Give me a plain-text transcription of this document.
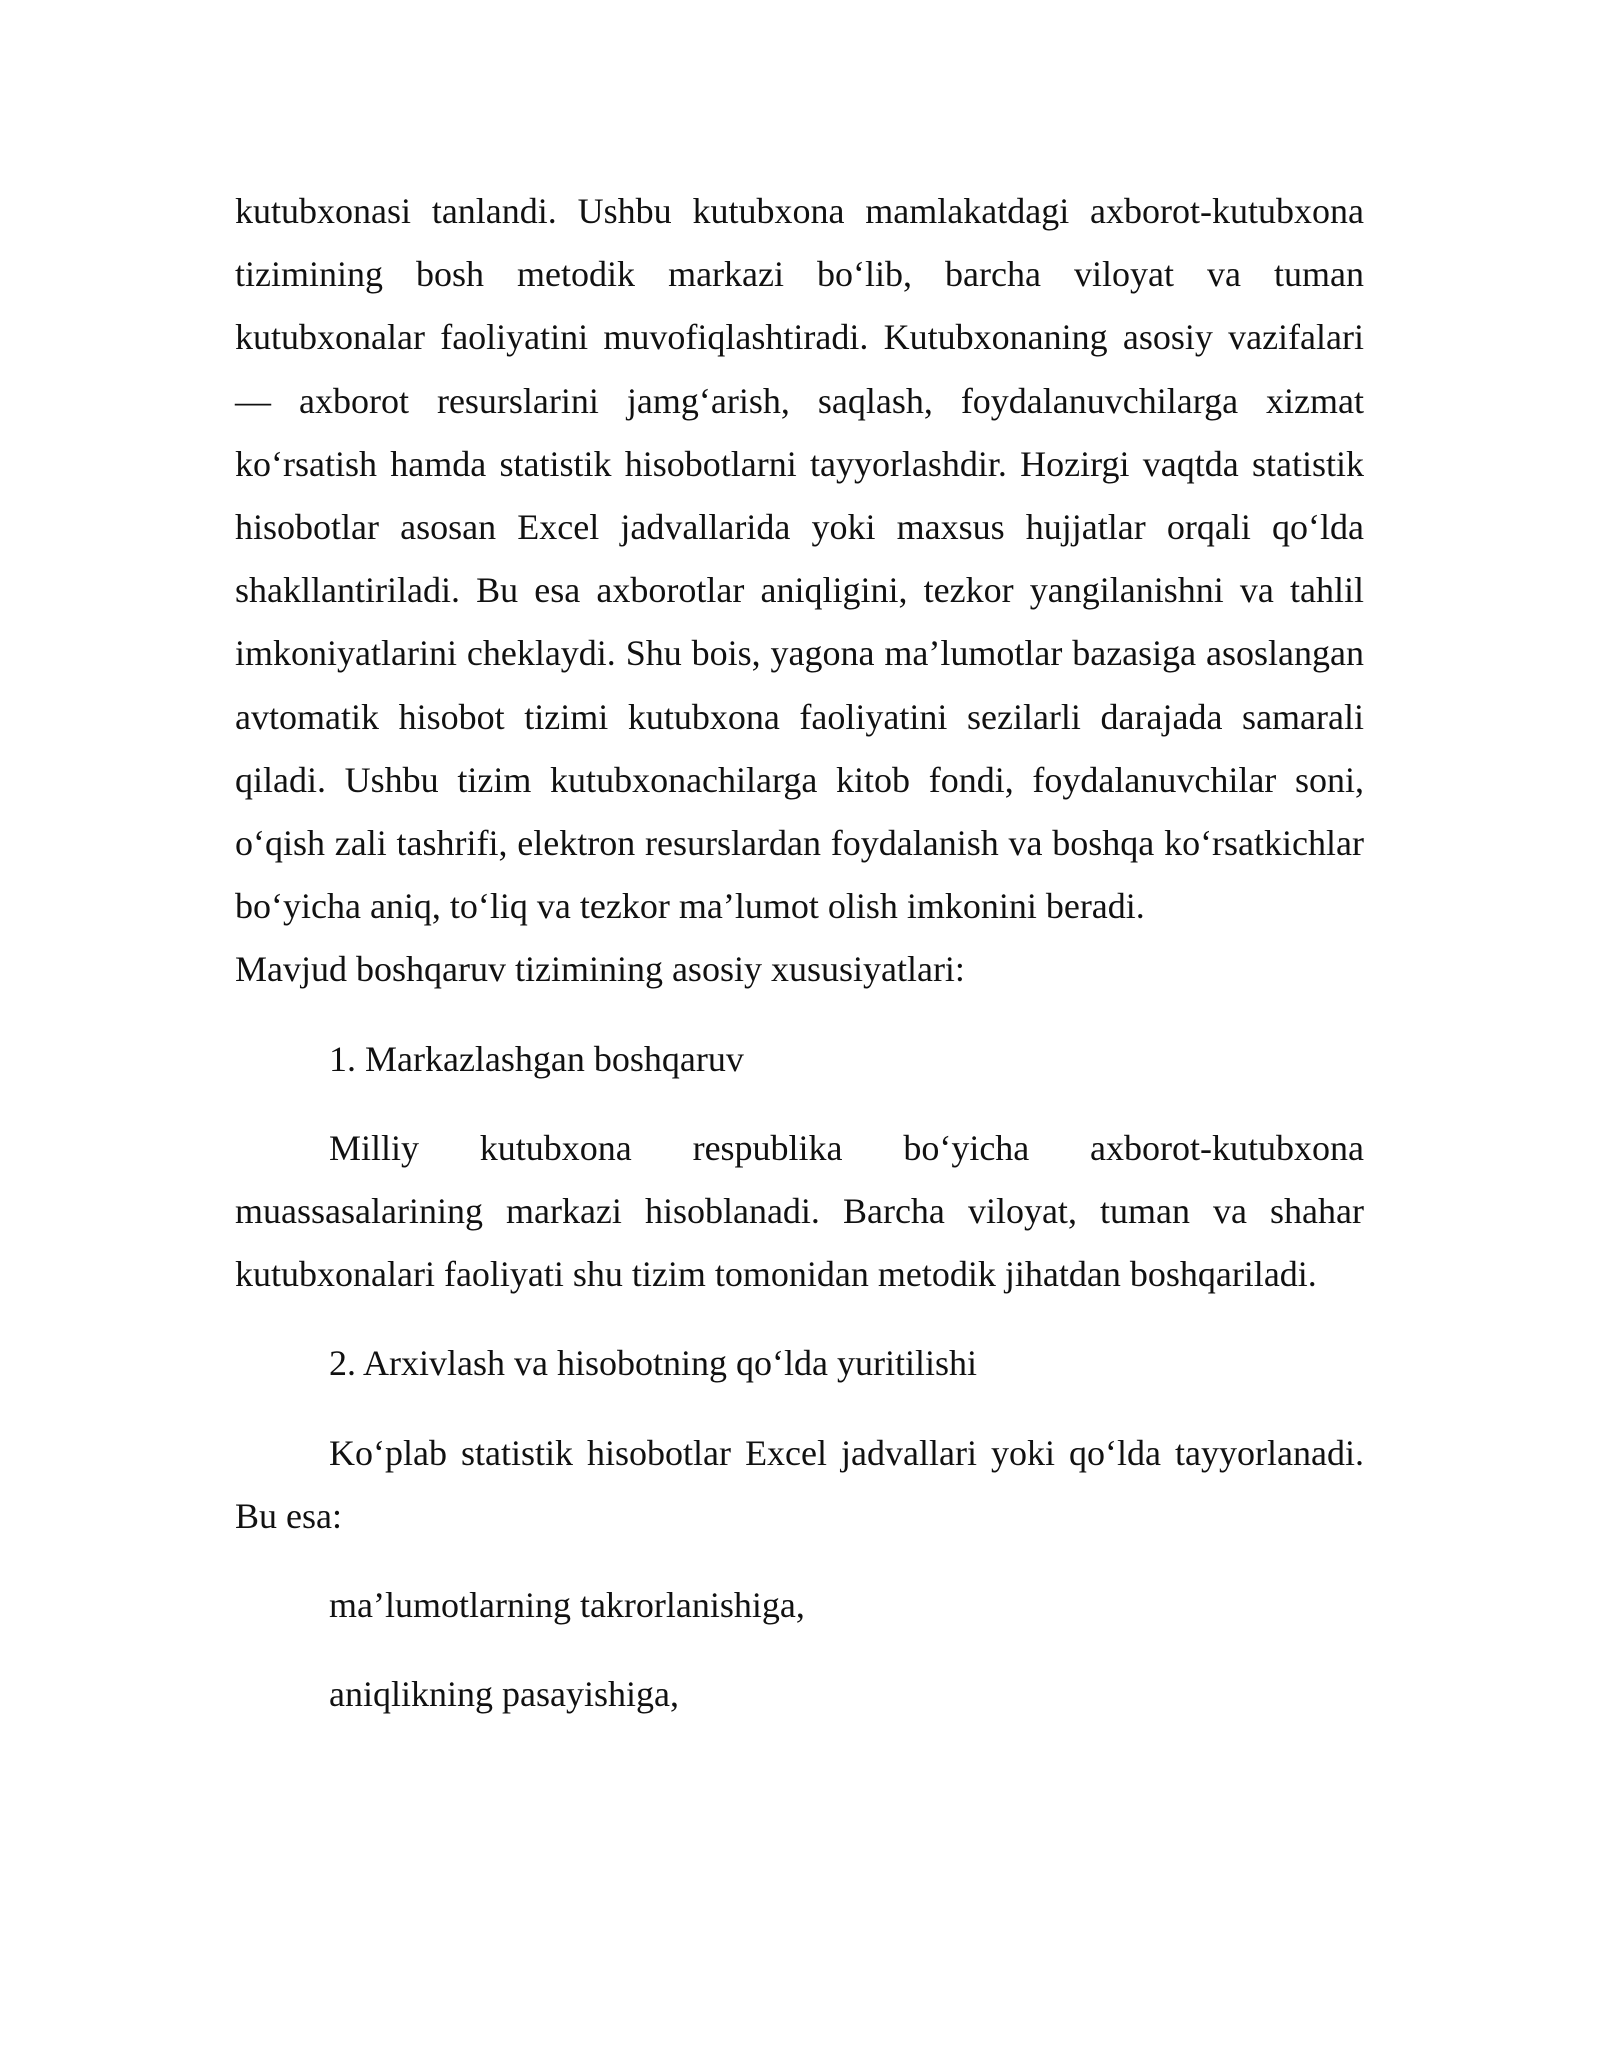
kutubxonasi tanlandi. Ushbu kutubxona mamlakatdagi axborot-kutubxona tizimining bosh metodik markazi bo‘lib, barcha viloyat va tuman kutubxonalar faoliyatini muvofiqlashtiradi. Kutubxonaning asosiy vazifalari — axborot resurslarini jamg‘arish, saqlash, foydalanuvchilarga xizmat ko‘rsatish hamda statistik hisobotlarni tayyorlashdir. Hozirgi vaqtda statistik hisobotlar asosan Excel jadvallarida yoki maxsus hujjatlar orqali qo‘lda shakllantiriladi. Bu esa axborotlar aniqligini, tezkor yangilanishni va tahlil imkoniyatlarini cheklaydi. Shu bois, yagona ma’lumotlar bazasiga asoslangan avtomatik hisobot tizimi kutubxona faoliyatini sezilarli darajada samarali qiladi. Ushbu tizim kutubxonachilarga kitob fondi, foydalanuvchilar soni, o‘qish zali tashrifi, elektron resurslardan foydalanish va boshqa ko‘rsatkichlar bo‘yicha aniq, to‘liq va tezkor ma’lumot olish imkonini beradi.

Mavjud boshqaruv tizimining asosiy xususiyatlari:

1. Markazlashgan boshqaruv

Milliy kutubxona respublika bo‘yicha axborot-kutubxona muassasalarining markazi hisoblanadi. Barcha viloyat, tuman va shahar kutubxonalari faoliyati shu tizim tomonidan metodik jihatdan boshqariladi.

2. Arxivlash va hisobotning qo‘lda yuritilishi

Ko‘plab statistik hisobotlar Excel jadvallari yoki qo‘lda tayyorlanadi. Bu esa:

ma’lumotlarning takrorlanishiga,

aniqlikning pasayishiga,
